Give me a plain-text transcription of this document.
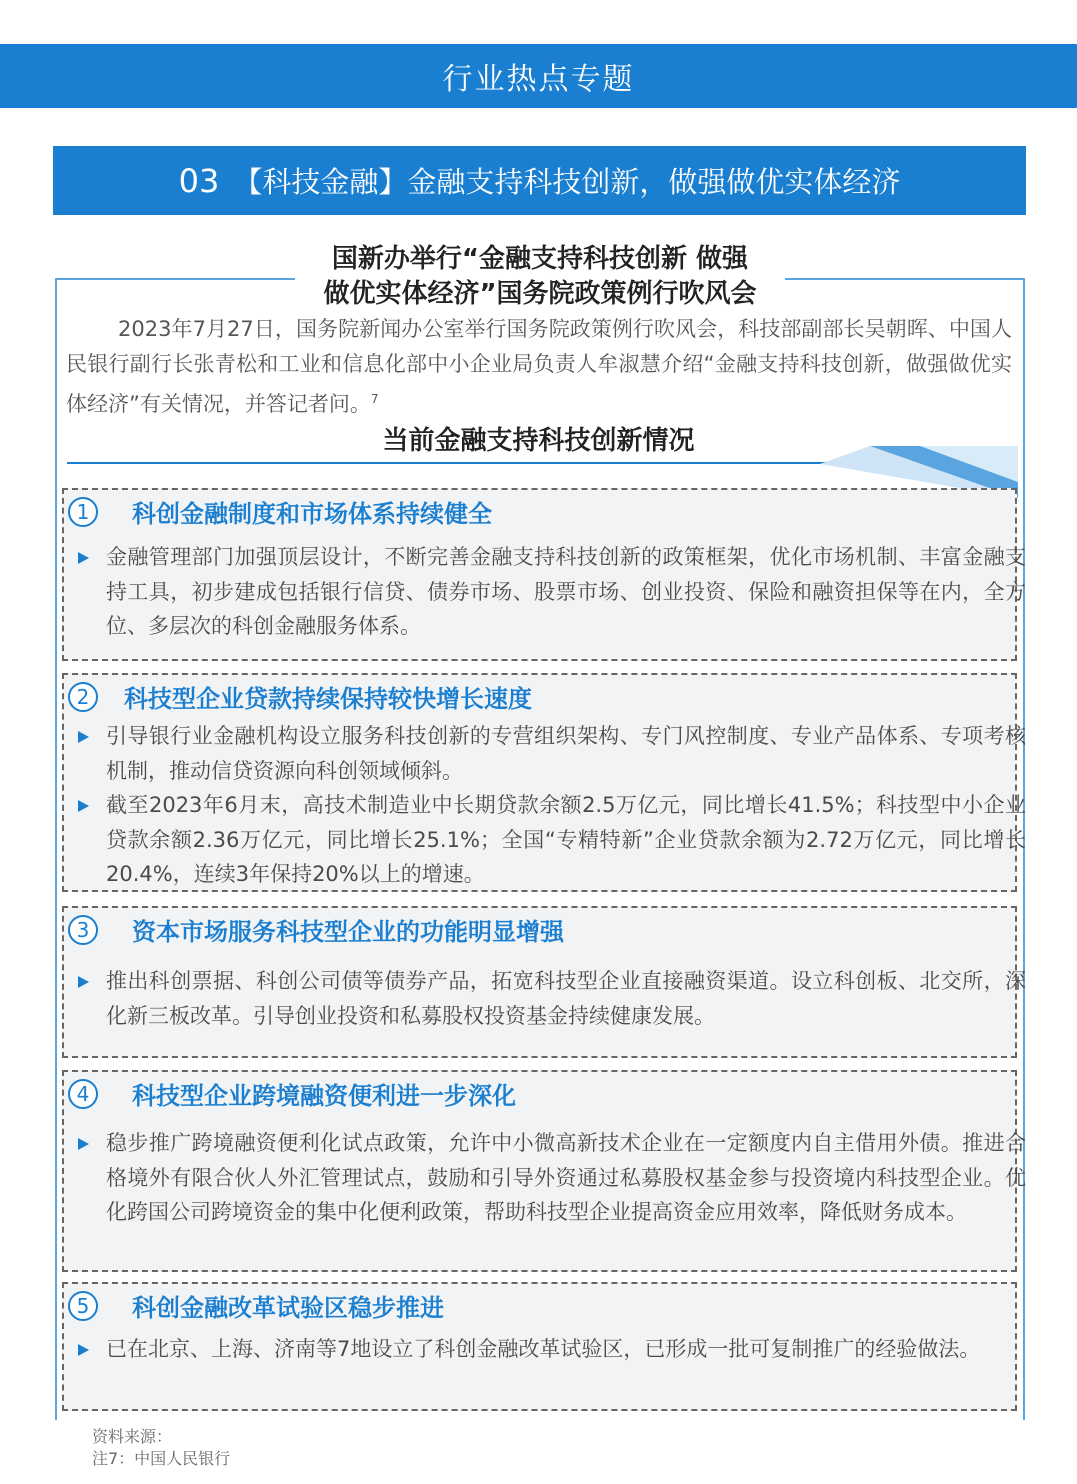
行业热点专题
03 【科技金融】金融支持科技创新，做强做优实体经济
国新办举行“金融支持科技创新 做强
做优实体经济”国务院政策例行吹风会
2023年7月27日，国务院新闻办公室举行国务院政策例行吹风会，科技部副部长吴朝晖、中国人民银行副行长张青松和工业和信息化部中小企业局负责人牟淑慧介绍“金融支持科技创新，做强做优实体经济”有关情况，并答记者问。$^7$
当前金融支持科技创新情况
1	科创金融制度和市场体系持续健全
金融管理部门加强顶层设计，不断完善金融支持科技创新的政策框架，优化市场机制、丰富金融支持工具，初步建成包括银行信贷、债券市场、股票市场、创业投资、保险和融资担保等在内，全方位、多层次的科创金融服务体系。
2	科技型企业贷款持续保持较快增长速度
引导银行业金融机构设立服务科技创新的专营组织架构、专门风控制度、专业产品体系、专项考核机制，推动信贷资源向科创领域倾斜。
截至2023年6月末，高技术制造业中长期贷款余额2.5万亿元，同比增长41.5%；科技型中小企业贷款余额2.36万亿元，同比增长25.1%；全国“专精特新”企业贷款余额为2.72万亿元，同比增长20.4%，连续3年保持20%以上的增速。
3	资本市场服务科技型企业的功能明显增强
推出科创票据、科创公司债等债券产品，拓宽科技型企业直接融资渠道。设立科创板、北交所，深化新三板改革。引导创业投资和私募股权投资基金持续健康发展。
4	科技型企业跨境融资便利进一步深化
稳步推广跨境融资便利化试点政策，允许中小微高新技术企业在一定额度内自主借用外债。推进合格境外有限合伙人外汇管理试点，鼓励和引导外资通过私募股权基金参与投资境内科技型企业。优化跨国公司跨境资金的集中化便利政策，帮助科技型企业提高资金应用效率，降低财务成本。
5	科创金融改革试验区稳步推进
已在北京、上海、济南等7地设立了科创金融改革试验区，已形成一批可复制推广的经验做法。
资料来源：
注7：中国人民银行
